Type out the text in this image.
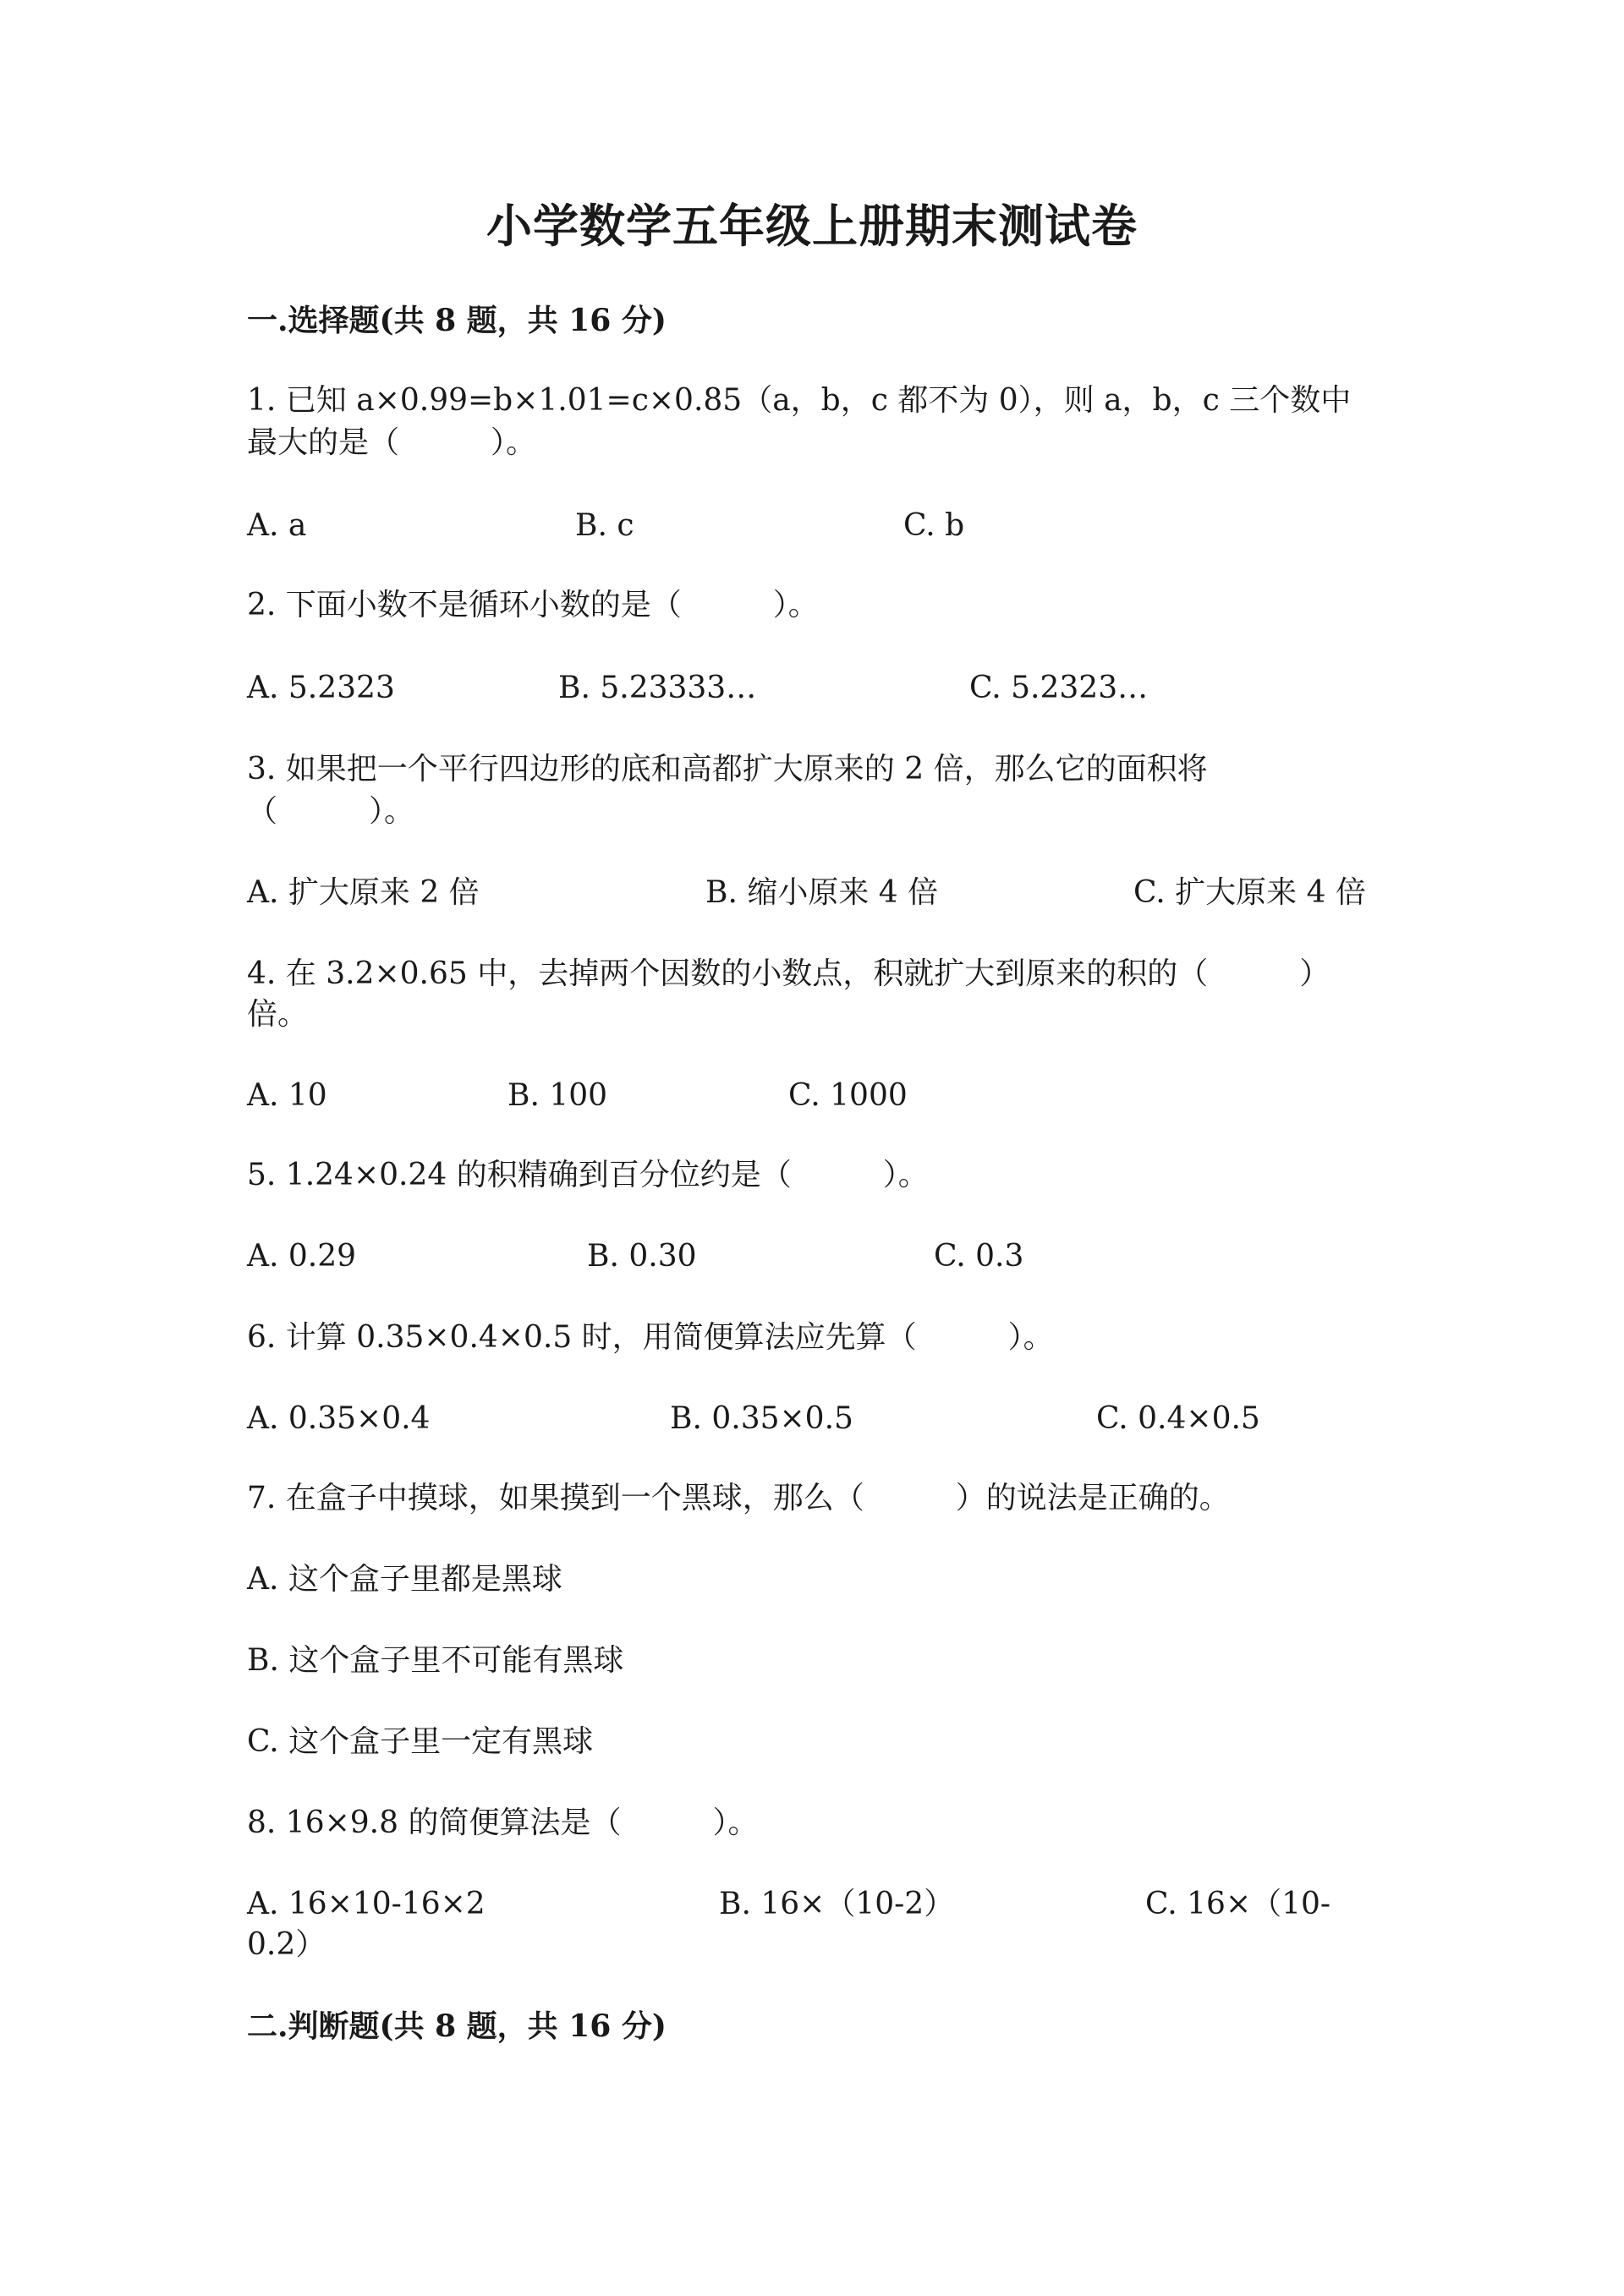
小学数学五年级上册期末测试卷
一.选择题(共 8 题，共 16 分)
1. 已知 a×0.99=b×1.01=c×0.85（a，b，c 都不为 0），则 a，b，c 三个数中
最大的是（　　　）。
A. a	B. c	C. b
2. 下面小数不是循环小数的是（　　　）。
A. 5.2323	B. 5.23333…	C. 5.2323…
3. 如果把一个平行四边形的底和高都扩大原来的 2 倍，那么它的面积将
（　　　）。
A. 扩大原来 2 倍	B. 缩小原来 4 倍	C. 扩大原来 4 倍
4. 在 3.2×0.65 中，去掉两个因数的小数点，积就扩大到原来的积的（　　　）
倍。
A. 10	B. 100	C. 1000
5. 1.24×0.24 的积精确到百分位约是（　　　）。
A. 0.29	B. 0.30	C. 0.3
6. 计算 0.35×0.4×0.5 时，用简便算法应先算（　　　）。
A. 0.35×0.4	B. 0.35×0.5	C. 0.4×0.5
7. 在盒子中摸球，如果摸到一个黑球，那么（　　　）的说法是正确的。
A. 这个盒子里都是黑球
B. 这个盒子里不可能有黑球
C. 这个盒子里一定有黑球
8. 16×9.8 的简便算法是（　　　）。
A. 16×10-16×2	B. 16×（10-2）	C. 16×（10-
0.2）
二.判断题(共 8 题，共 16 分)
